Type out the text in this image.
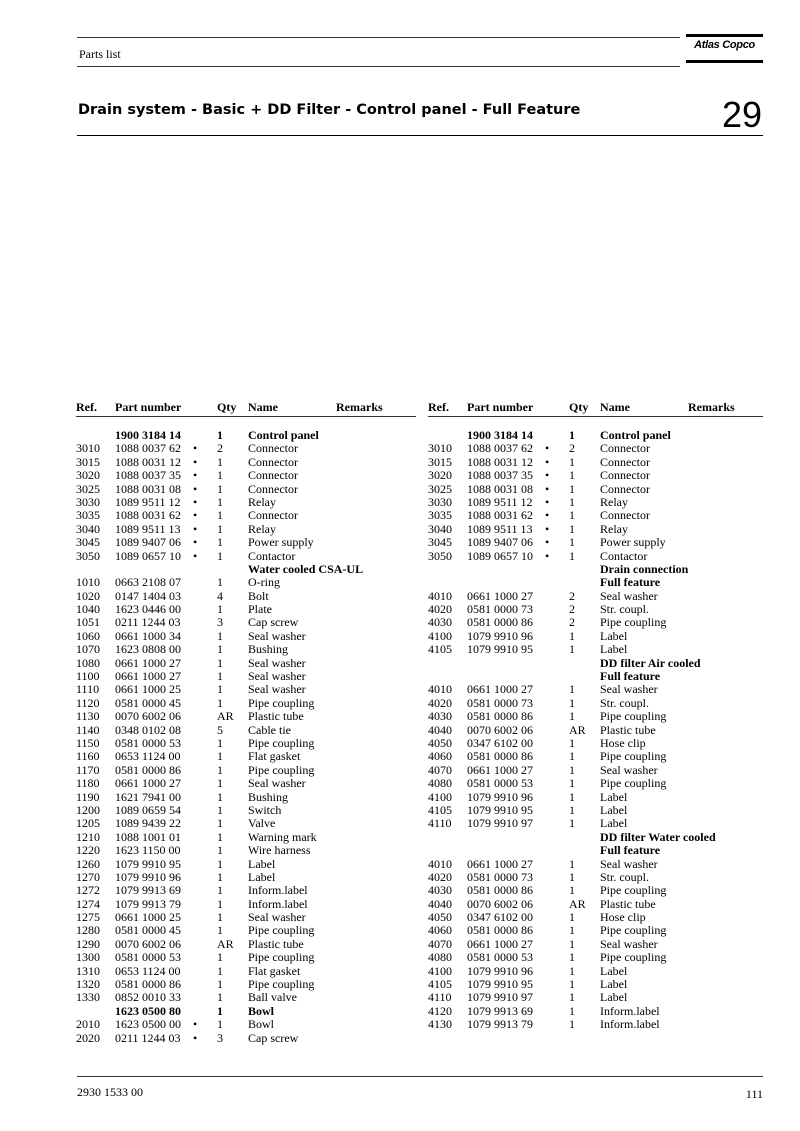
Parts list
Atlas Copco
Drain system - Basic + DD Filter - Control panel - Full Feature	29
Ref. Part number	Qty Name	Remarks
1900 3184 14	1 Control panel
3010 1088 0037 62 • 2 Connector
3015 1088 0031 12 • 1 Connector
3020 1088 0037 35 • 1 Connector
3025 1088 0031 08 • 1 Connector
3030 1089 9511 12 • 1 Relay
3035 1088 0031 62 • 1 Connector
3040 1089 9511 13 • 1 Relay
3045 1089 9407 06 • 1 Power supply
3050 1089 0657 10 • 1 Contactor
Water cooled CSA-UL
1010 0663 2108 07	1 O-ring
1020 0147 1404 03	4 Bolt
1040 1623 0446 00	1 Plate
1051 0211 1244 03	3 Cap screw
1060 0661 1000 34	1 Seal washer
1070 1623 0808 00	1 Bushing
1080 0661 1000 27	1 Seal washer
1100 0661 1000 27	1 Seal washer
1110 0661 1000 25	1 Seal washer
1120 0581 0000 45	1 Pipe coupling
1130 0070 6002 06	AR Plastic tube
1140 0348 0102 08	5 Cable tie
1150 0581 0000 53	1 Pipe coupling
1160 0653 1124 00	1 Flat gasket
1170 0581 0000 86	1 Pipe coupling
1180 0661 1000 27	1 Seal washer
1190 1621 7941 00	1 Bushing
1200 1089 0659 54	1 Switch
1205 1089 9439 22	1 Valve
1210 1088 1001 01	1 Warning mark
1220 1623 1150 00	1 Wire harness
1260 1079 9910 95	1 Label
1270 1079 9910 96	1 Label
1272 1079 9913 69	1 Inform.label
1274 1079 9913 79	1 Inform.label
1275 0661 1000 25	1 Seal washer
1280 0581 0000 45	1 Pipe coupling
1290 0070 6002 06	AR Plastic tube
1300 0581 0000 53	1 Pipe coupling
1310 0653 1124 00	1 Flat gasket
1320 0581 0000 86	1 Pipe coupling
1330 0852 0010 33	1 Ball valve
1623 0500 80	1 Bowl
2010 1623 0500 00 • 1 Bowl
2020 0211 1244 03 • 3 Cap screw
Ref. Part number	Qty Name	Remarks
1900 3184 14	1 Control panel
3010 1088 0037 62 • 2 Connector
3015 1088 0031 12 • 1 Connector
3020 1088 0037 35 • 1 Connector
3025 1088 0031 08 • 1 Connector
3030 1089 9511 12 • 1 Relay
3035 1088 0031 62 • 1 Connector
3040 1089 9511 13 • 1 Relay
3045 1089 9407 06 • 1 Power supply
3050 1089 0657 10 • 1 Contactor
Drain connection
Full feature
4010 0661 1000 27	2 Seal washer
4020 0581 0000 73	2 Str. coupl.
4030 0581 0000 86	2 Pipe coupling
4100 1079 9910 96	1 Label
4105 1079 9910 95	1 Label
DD filter Air cooled
Full feature
4010 0661 1000 27	1 Seal washer
4020 0581 0000 73	1 Str. coupl.
4030 0581 0000 86	1 Pipe coupling
4040 0070 6002 06	AR Plastic tube
4050 0347 6102 00	1 Hose clip
4060 0581 0000 86	1 Pipe coupling
4070 0661 1000 27	1 Seal washer
4080 0581 0000 53	1 Pipe coupling
4100 1079 9910 96	1 Label
4105 1079 9910 95	1 Label
4110 1079 9910 97	1 Label
DD filter Water cooled
Full feature
4010 0661 1000 27	1 Seal washer
4020 0581 0000 73	1 Str. coupl.
4030 0581 0000 86	1 Pipe coupling
4040 0070 6002 06	AR Plastic tube
4050 0347 6102 00	1 Hose clip
4060 0581 0000 86	1 Pipe coupling
4070 0661 1000 27	1 Seal washer
4080 0581 0000 53	1 Pipe coupling
4100 1079 9910 96	1 Label
4105 1079 9910 95	1 Label
4110 1079 9910 97	1 Label
4120 1079 9913 69	1 Inform.label
4130 1079 9913 79	1 Inform.label
2930 1533 00	111
